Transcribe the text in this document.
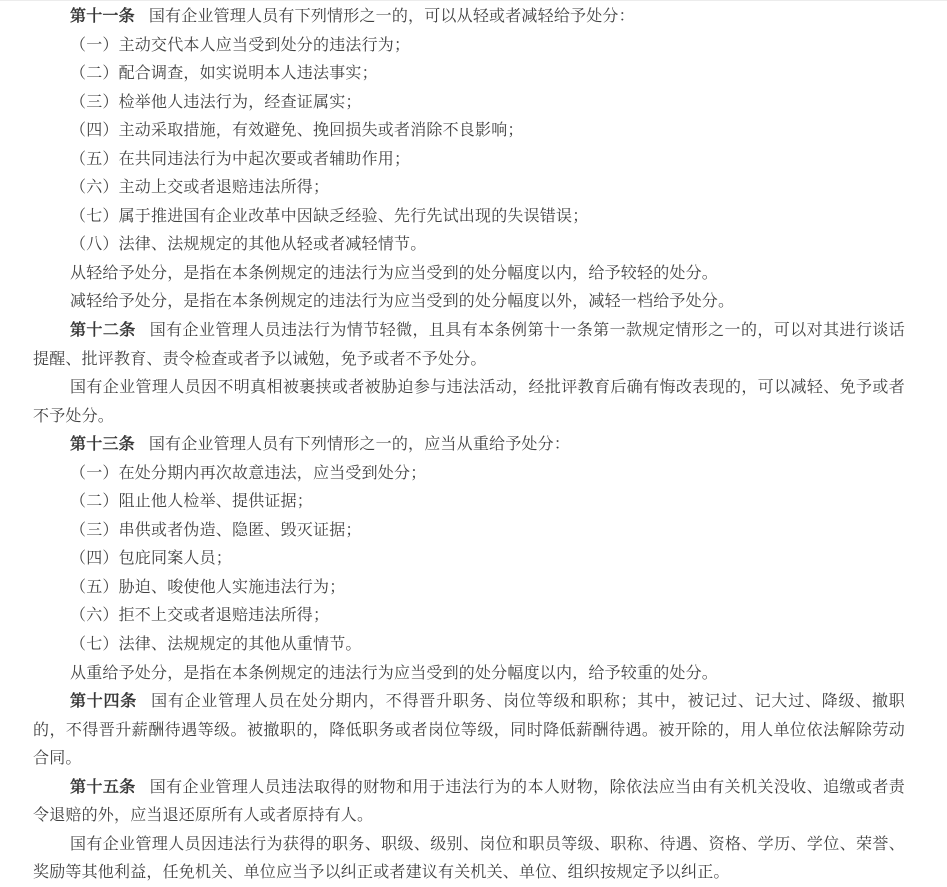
第十一条 国有企业管理人员有下列情形之一的，可以从轻或者减轻给予处分：

（一）主动交代本人应当受到处分的违法行为；

（二）配合调查，如实说明本人违法事实；

（三）检举他人违法行为，经查证属实；

（四）主动采取措施，有效避免、挽回损失或者消除不良影响；

（五）在共同违法行为中起次要或者辅助作用；

（六）主动上交或者退赔违法所得；

（七）属于推进国有企业改革中因缺乏经验、先行先试出现的失误错误；

（八）法律、法规规定的其他从轻或者减轻情节。

从轻给予处分，是指在本条例规定的违法行为应当受到的处分幅度以内，给予较轻的处分。

减轻给予处分，是指在本条例规定的违法行为应当受到的处分幅度以外，减轻一档给予处分。

第十二条 国有企业管理人员违法行为情节轻微，且具有本条例第十一条第一款规定情形之一的，可以对其进行谈话提醒、批评教育、责令检查或者予以诫勉，免予或者不予处分。

国有企业管理人员因不明真相被裹挟或者被胁迫参与违法活动，经批评教育后确有悔改表现的，可以减轻、免予或者不予处分。

第十三条 国有企业管理人员有下列情形之一的，应当从重给予处分：

（一）在处分期内再次故意违法，应当受到处分；

（二）阻止他人检举、提供证据；

（三）串供或者伪造、隐匿、毁灭证据；

（四）包庇同案人员；

（五）胁迫、唆使他人实施违法行为；

（六）拒不上交或者退赔违法所得；

（七）法律、法规规定的其他从重情节。

从重给予处分，是指在本条例规定的违法行为应当受到的处分幅度以内，给予较重的处分。

第十四条 国有企业管理人员在处分期内，不得晋升职务、岗位等级和职称；其中，被记过、记大过、降级、撤职的，不得晋升薪酬待遇等级。被撤职的，降低职务或者岗位等级，同时降低薪酬待遇。被开除的，用人单位依法解除劳动合同。

第十五条 国有企业管理人员违法取得的财物和用于违法行为的本人财物，除依法应当由有关机关没收、追缴或者责令退赔的外，应当退还原所有人或者原持有人。

国有企业管理人员因违法行为获得的职务、职级、级别、岗位和职员等级、职称、待遇、资格、学历、学位、荣誉、奖励等其他利益，任免机关、单位应当予以纠正或者建议有关机关、单位、组织按规定予以纠正。
